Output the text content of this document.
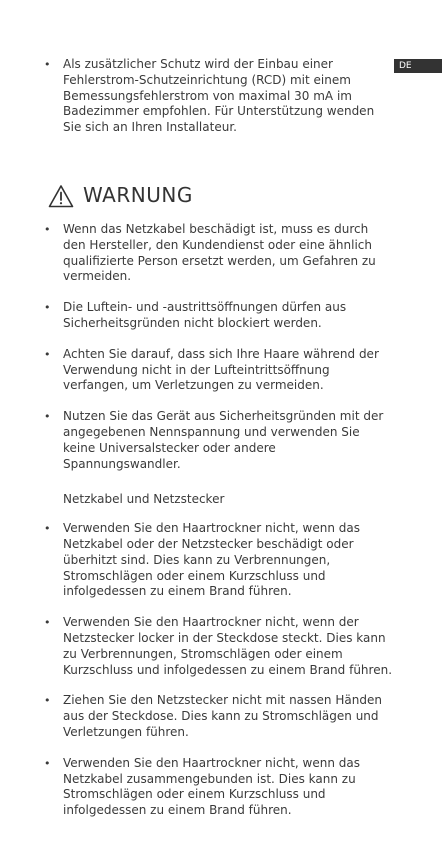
DE

• Als zusätzlicher Schutz wird der Einbau einer Fehlerstrom-Schutzeinrichtung (RCD) mit einem Bemessungsfehlerstrom von maximal 30 mA im Badezimmer empfohlen. Für Unterstützung wenden Sie sich an Ihren Installateur.

WARNUNG

• Wenn das Netzkabel beschädigt ist, muss es durch den Hersteller, den Kundendienst oder eine ähnlich qualifizierte Person ersetzt werden, um Gefahren zu vermeiden.

• Die Luftein- und -austrittsöffnungen dürfen aus Sicherheitsgründen nicht blockiert werden.

• Achten Sie darauf, dass sich Ihre Haare während der Verwendung nicht in der Lufteintrittsöffnung verfangen, um Verletzungen zu vermeiden.

• Nutzen Sie das Gerät aus Sicherheitsgründen mit der angegebenen Nennspannung und verwenden Sie keine Universalstecker oder andere Spannungswandler.

Netzkabel und Netzstecker

• Verwenden Sie den Haartrockner nicht, wenn das Netzkabel oder der Netzstecker beschädigt oder überhitzt sind. Dies kann zu Verbrennungen, Stromschlägen oder einem Kurzschluss und infolgedessen zu einem Brand führen.

• Verwenden Sie den Haartrockner nicht, wenn der Netzstecker locker in der Steckdose steckt. Dies kann zu Verbrennungen, Stromschlägen oder einem Kurzschluss und infolgedessen zu einem Brand führen.

• Ziehen Sie den Netzstecker nicht mit nassen Händen aus der Steckdose. Dies kann zu Stromschlägen und Verletzungen führen.

• Verwenden Sie den Haartrockner nicht, wenn das Netzkabel zusammengebunden ist. Dies kann zu Stromschlägen oder einem Kurzschluss und infolgedessen zu einem Brand führen.
